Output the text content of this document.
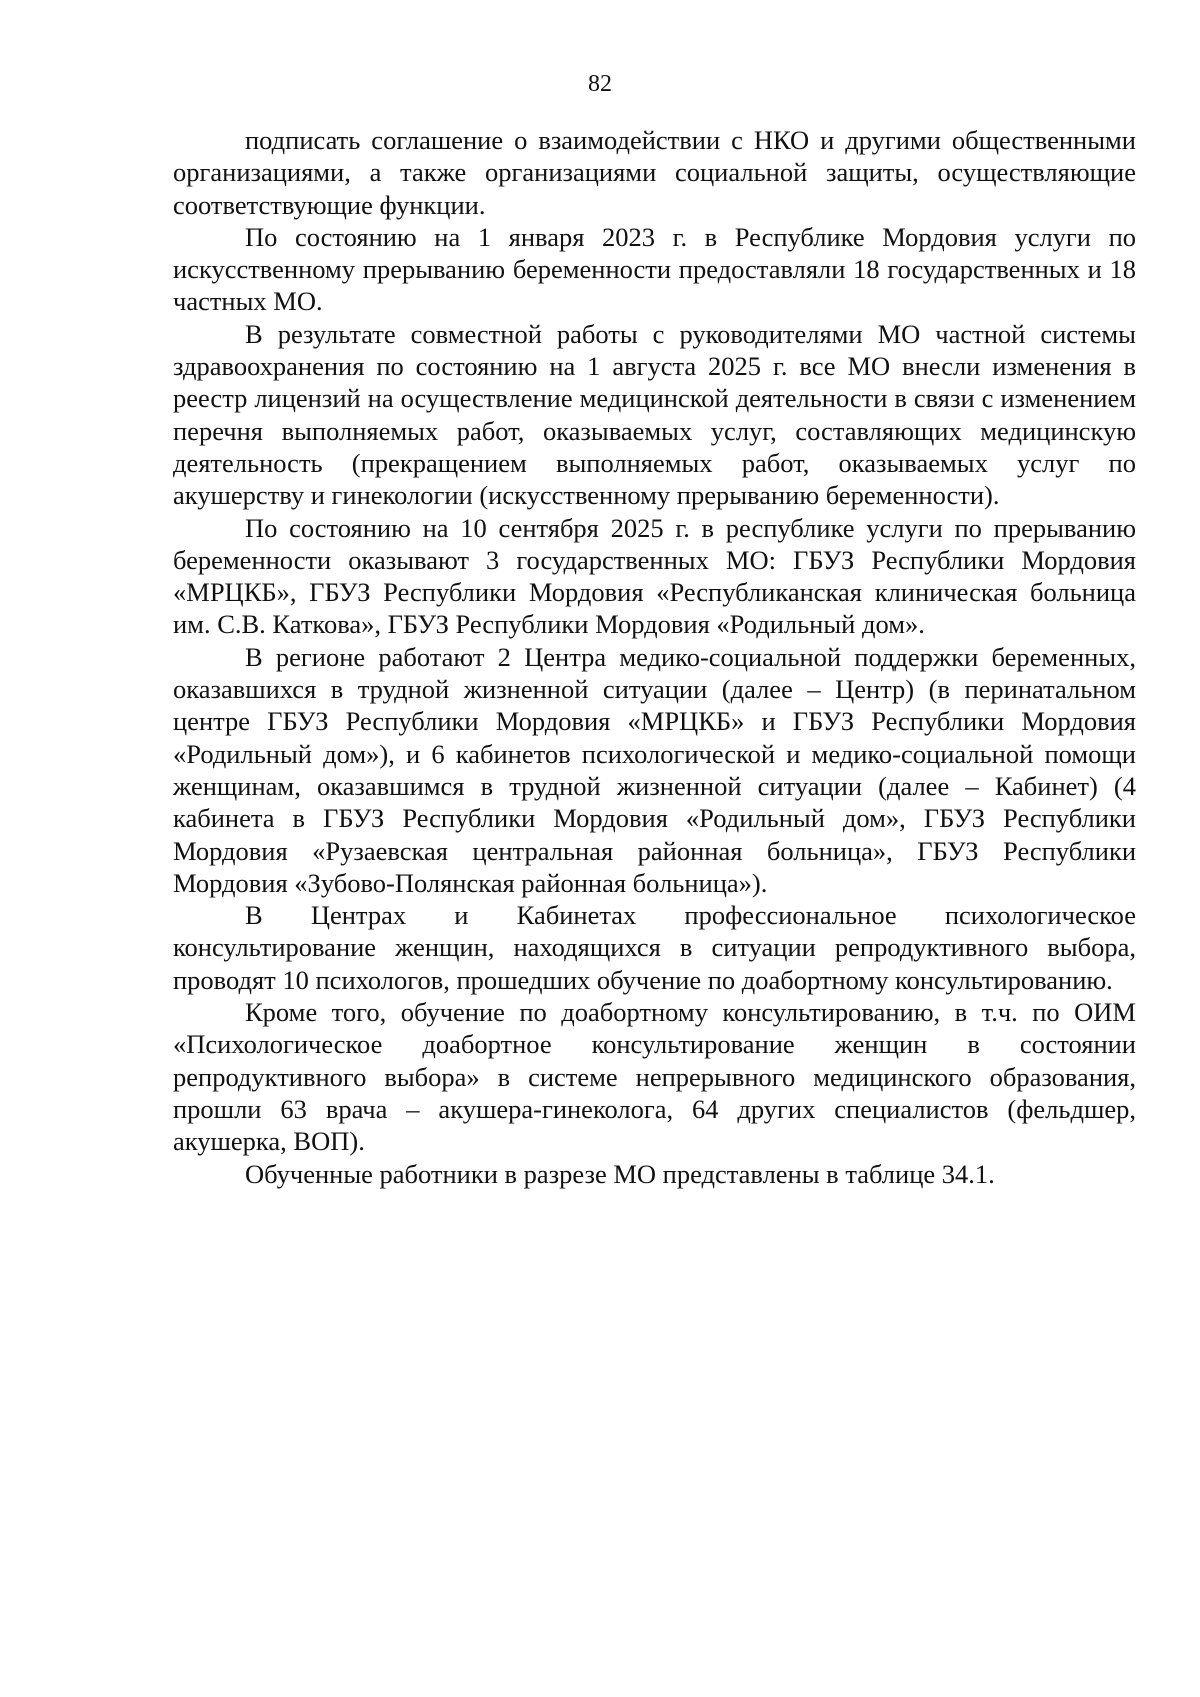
82

подписать соглашение о взаимодействии с НКО и другими общественными организациями, а также организациями социальной защиты, осуществляющие соответствующие функции.

По состоянию на 1 января 2023 г. в Республике Мордовия услуги по искусственному прерыванию беременности предоставляли 18 государственных и 18 частных МО.

В результате совместной работы с руководителями МО частной системы здравоохранения по состоянию на 1 августа 2025 г. все МО внесли изменения в реестр лицензий на осуществление медицинской деятельности в связи с изменением перечня выполняемых работ, оказываемых услуг, составляющих медицинскую деятельность (прекращением выполняемых работ, оказываемых услуг по акушерству и гинекологии (искусственному прерыванию беременности).

По состоянию на 10 сентября 2025 г. в республике услуги по прерыванию беременности оказывают 3 государственных МО: ГБУЗ Республики Мордовия «МРЦКБ», ГБУЗ Республики Мордовия «Республиканская клиническая больница им. С.В. Каткова», ГБУЗ Республики Мордовия «Родильный дом».

В регионе работают 2 Центра медико-социальной поддержки беременных, оказавшихся в трудной жизненной ситуации (далее – Центр) (в перинатальном центре ГБУЗ Республики Мордовия «МРЦКБ» и ГБУЗ Республики Мордовия «Родильный дом»), и 6 кабинетов психологической и медико-социальной помощи женщинам, оказавшимся в трудной жизненной ситуации (далее – Кабинет) (4 кабинета в ГБУЗ Республики Мордовия «Родильный дом», ГБУЗ Республики Мордовия «Рузаевская центральная районная больница», ГБУЗ Республики Мордовия «Зубово-Полянская районная больница»).

В Центрах и Кабинетах профессиональное психологическое консультирование женщин, находящихся в ситуации репродуктивного выбора, проводят 10 психологов, прошедших обучение по доабортному консультированию.

Кроме того, обучение по доабортному консультированию, в т.ч. по ОИМ «Психологическое доабортное консультирование женщин в состоянии репродуктивного выбора» в системе непрерывного медицинского образования, прошли 63 врача – акушера-гинеколога, 64 других специалистов (фельдшер, акушерка, ВОП).

Обученные работники в разрезе МО представлены в таблице 34.1.
